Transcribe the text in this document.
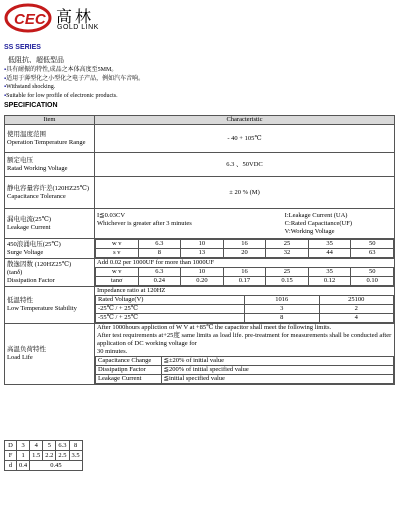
CEC 高林
GOLD LINK
SS SERIES
低阻抗、超低型品
▪具有耐振的特性,成品之本体高度至5MM。
▪适用于薄型化之小型化之电子产品，例如汽车音响。
▪Withstand shocking.
▪Suitable for low profile of electronic products.
SPECIFICATION
Item	Characteristic

使用温度范围
Operation Temperature Range
	- 40 + 105℃

额定电压
Ratad Working Voltage
	6.3 、50VDC

静电容量容许差(120HZ25℃)
Capacitance Tolerance
	± 20 % (M)

漏电电流(25℃)
Leakage Current

I≦0.03CV
Whichever is greater after 3 minutes
I:Leakage Current (UA)
C:Rated Capacitance(UF)
V:Working Voltage

450浪涌电压(25℃)
Surge Voltage

w v	6.3	10	16	25	35	50
s v	8	13	20	32	44	63

散逸因数 (120HZ25℃)
(tanδ)
Dissipation Factor

Add 0.02 per 1000UF for more than 1000UF
w v	6.3	10	16	25	35	50
tanσ	0.24	0.20	0.17	0.15	0.12	0.10

低温特性
Low Temperature Stability

Impedance ratio at 120HZ
Rated Voltage(V)	1016	25100
-25℃ / + 25℃	3	2
-55℃ / + 25℃	8	4

高温负荷特性
Load Life

After 1000hours appliction of W V at +85℃ the capacitor shall meet the following limits.
After test requirements at+25度 same limits as load life. pre-treatment for measurements shall be conducted after application of DC working voltage for
30 minutes.
Capacitance Change	≦±20% of initial value
Dissipatipn Factor	≦200% of initial specified value
Leakage Current	≦initial specified value
D	3	4	5	6.3	8
F	1	1.5	2.2	2.5	3.5
d	0.4	0.45			
